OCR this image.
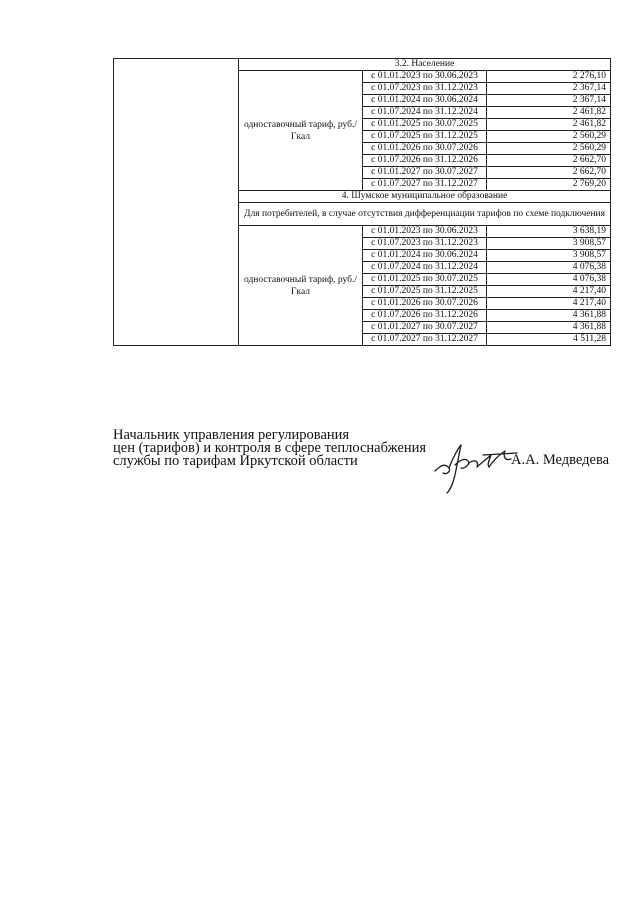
	3.2. Население		
	одноставочный тариф, руб./Гкал	с 01.01.2023 по 30.06.2023	2 276,10
		с 01.07.2023 по 31.12.2023	2 367,14
		с 01.01.2024 по 30.06.2024	2 367,14
		с 01.07.2024 по 31.12.2024	2 461,82
		с 01.01.2025 по 30.07.2025	2 461,82
		с 01.07.2025 по 31.12.2025	2 560,29
		с 01.01.2026 по 30.07.2026	2 560,29
		с 01.07.2026 по 31.12.2026	2 662,70
		с 01.01.2027 по 30.07.2027	2 662,70
		с 01.07.2027 по 31.12.2027	2 769,20
	4. Шумское муниципальное образование		
	Для потребителей, в случае отсутствия дифференциации тарифов по схеме подключения		
	одноставочный тариф, руб./Гкал	с 01.01.2023 по 30.06.2023	3 638,19
		с 01.07.2023 по 31.12.2023	3 908,57
		с 01.01.2024 по 30.06.2024	3 908,57
		с 01.07.2024 по 31.12.2024	4 076,38
		с 01.01.2025 по 30.07.2025	4 076,38
		с 01.07.2025 по 31.12.2025	4 217,40
		с 01.01.2026 по 30.07.2026	4 217,40
		с 01.07.2026 по 31.12.2026	4 361,88
		с 01.01.2027 по 30.07.2027	4 361,88
		с 01.07.2027 по 31.12.2027	4 511,28
Начальник управления регулирования
цен (тарифов) и контроля в сфере теплоснабжения
службы по тарифам Иркутской области	А.А. Медведева
